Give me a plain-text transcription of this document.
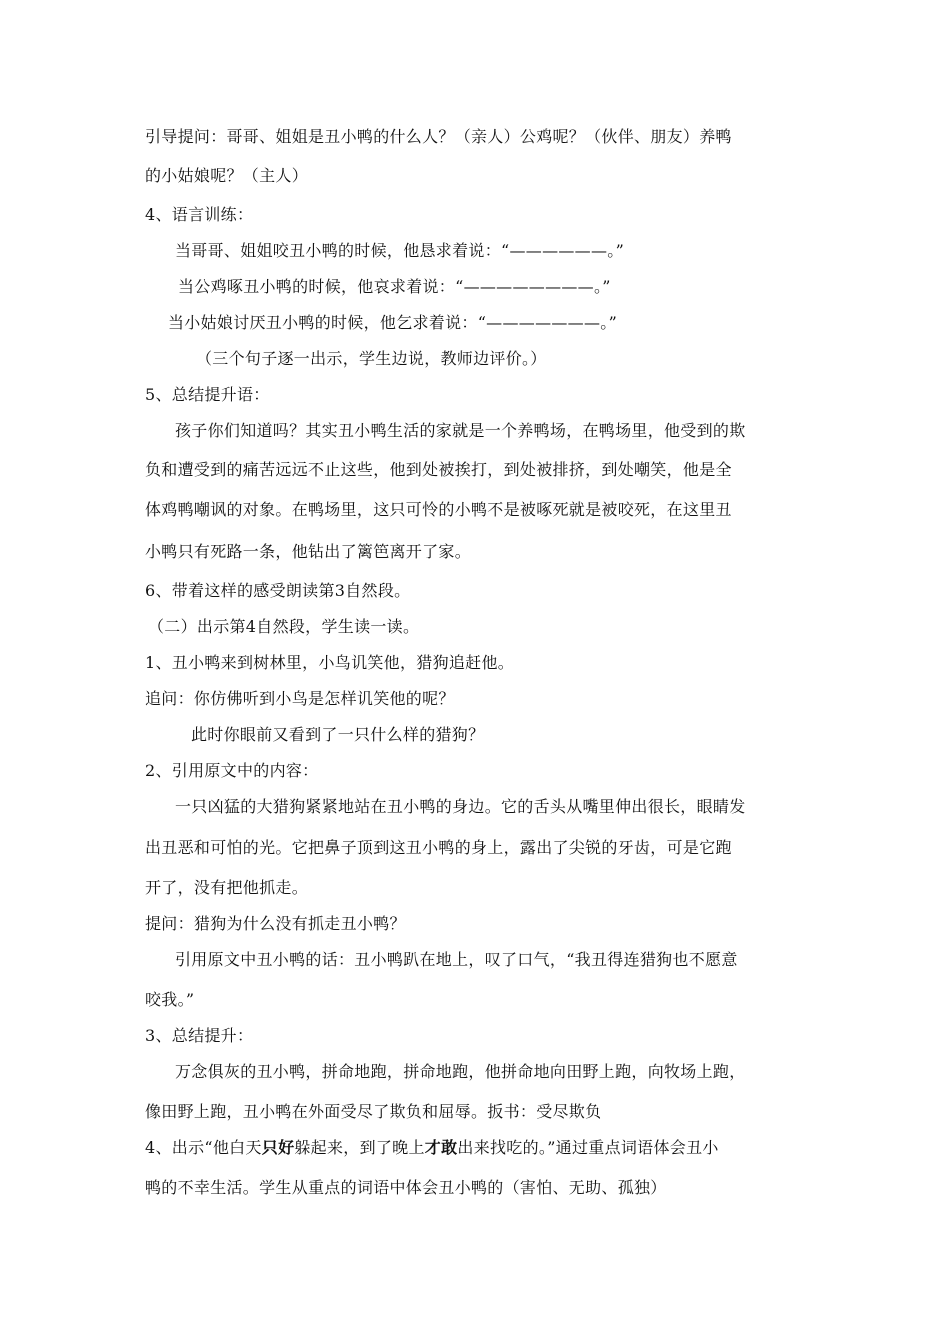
引导提问：哥哥、姐姐是丑小鸭的什么人？（亲人）公鸡呢？（伙伴、朋友）养鸭
的小姑娘呢？（主人）
4、语言训练：
当哥哥、姐姐咬丑小鸭的时候，他恳求着说：“——————。”
当公鸡啄丑小鸭的时候，他哀求着说：“————————。”
当小姑娘讨厌丑小鸭的时候，他乞求着说：“———————。”
（三个句子逐一出示，学生边说，教师边评价。）
5、总结提升语：
孩子你们知道吗？其实丑小鸭生活的家就是一个养鸭场，在鸭场里，他受到的欺
负和遭受到的痛苦远远不止这些，他到处被挨打，到处被排挤，到处嘲笑，他是全
体鸡鸭嘲讽的对象。在鸭场里，这只可怜的小鸭不是被啄死就是被咬死，在这里丑
小鸭只有死路一条，他钻出了篱笆离开了家。
6、带着这样的感受朗读第3自然段。
（二）出示第4自然段，学生读一读。
1、丑小鸭来到树林里，小鸟讥笑他，猎狗追赶他。
追问：你仿佛听到小鸟是怎样讥笑他的呢？
此时你眼前又看到了一只什么样的猎狗？
2、引用原文中的内容：
一只凶猛的大猎狗紧紧地站在丑小鸭的身边。它的舌头从嘴里伸出很长，眼睛发
出丑恶和可怕的光。它把鼻子顶到这丑小鸭的身上，露出了尖锐的牙齿，可是它跑
开了，没有把他抓走。
提问：猎狗为什么没有抓走丑小鸭？
引用原文中丑小鸭的话：丑小鸭趴在地上，叹了口气，“我丑得连猎狗也不愿意
咬我。”
3、总结提升：
万念俱灰的丑小鸭，拼命地跑，拼命地跑，他拼命地向田野上跑，向牧场上跑，
像田野上跑，丑小鸭在外面受尽了欺负和屈辱。扳书：受尽欺负
4、出示“他白天只好躲起来，到了晚上才敢出来找吃的。”通过重点词语体会丑小
鸭的不幸生活。学生从重点的词语中体会丑小鸭的（害怕、无助、孤独）
